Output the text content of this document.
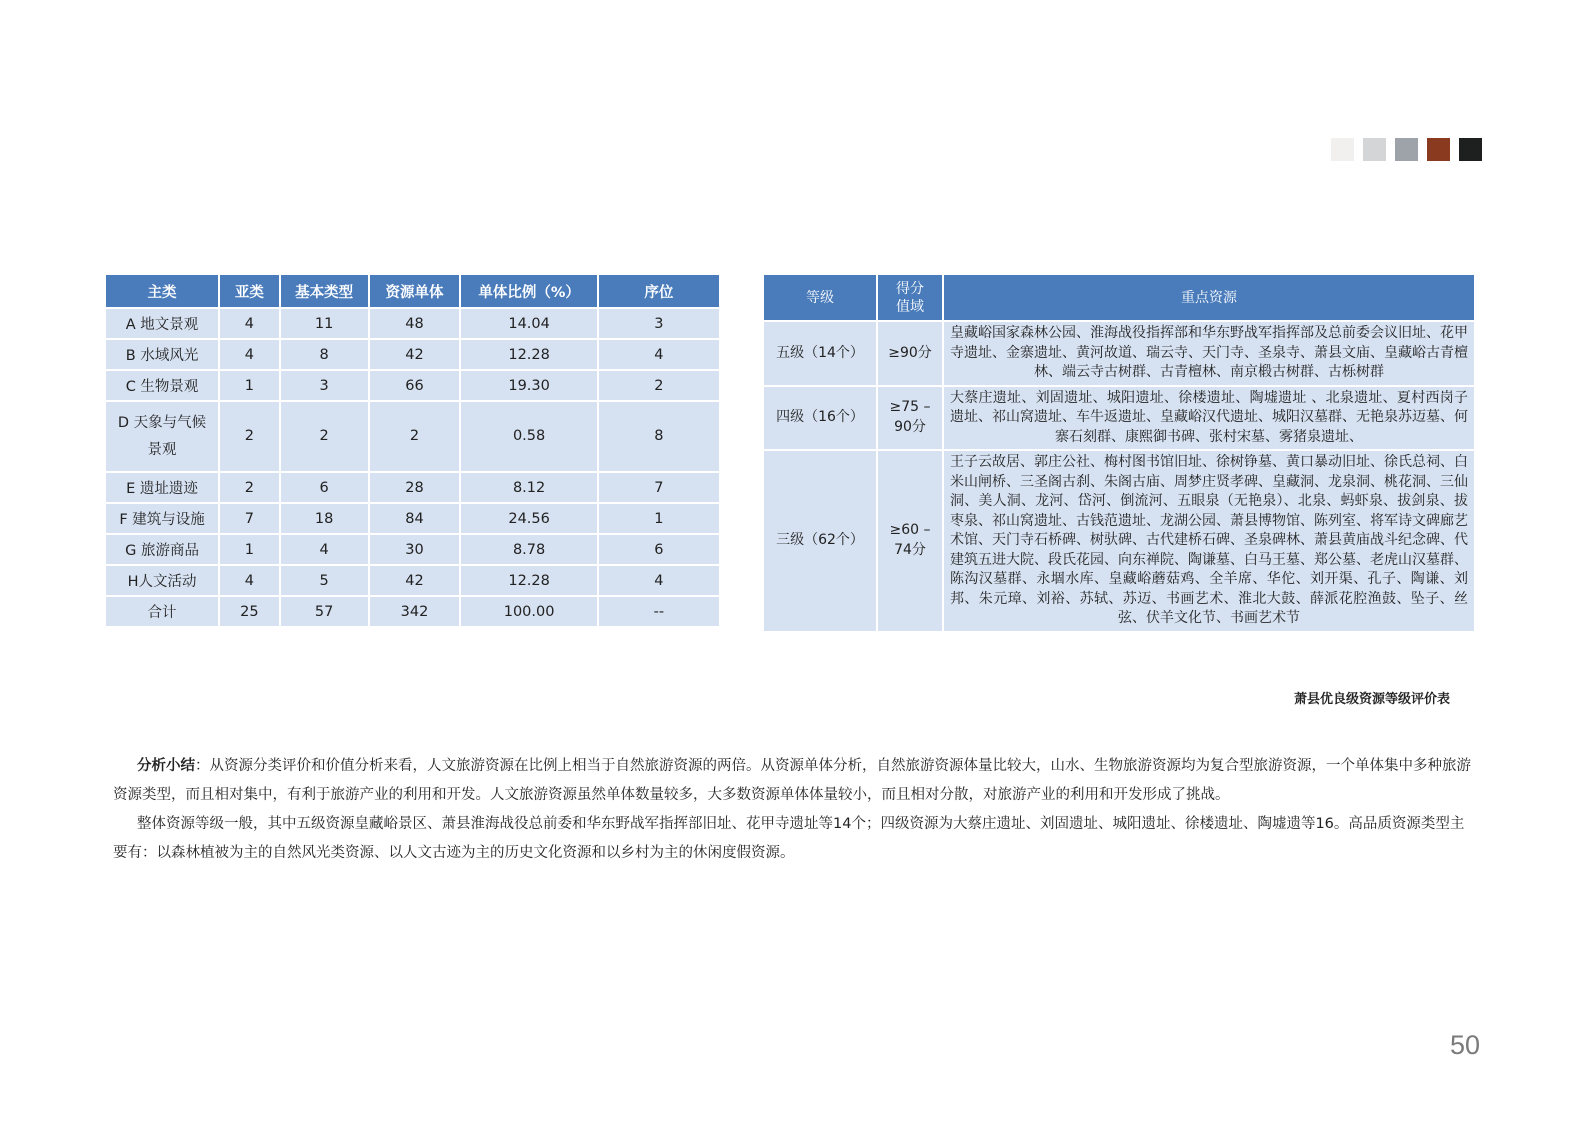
主类	亚类	基本类型	资源单体	单体比例（%）	序位
A 地文景观	4	11	48	14.04	3
B 水域风光	4	8	42	12.28	4
C 生物景观	1	3	66	19.30	2
D 天象与气候景观	2	2	2	0.58	8
E 遗址遗迹	2	6	28	8.12	7
F 建筑与设施	7	18	84	24.56	1
G 旅游商品	1	4	30	8.78	6
H人文活动	4	5	42	12.28	4
合计	25	57	342	100.00	--
等级	得分值域	重点资源
五级（14个）	≥90分	皇藏峪国家森林公园、淮海战役指挥部和华东野战军指挥部及总前委会议旧址、花甲寺遗址、金寨遗址、黄河故道、瑞云寺、天门寺、圣泉寺、萧县文庙、皇藏峪古青檀林、端云寺古树群、古青檀林、南京椴古树群、古栎树群
四级（16个）	≥75 – 90分	大蔡庄遗址、刘固遗址、城阳遗址、徐楼遗址、陶墟遗址 、北泉遗址、夏村西岗子遗址、祁山窝遗址、车牛返遗址、皇藏峪汉代遗址、城阳汉墓群、无艳泉苏迈墓、何寨石刻群、康熙御书碑、张村宋墓、雾猪泉遗址、
三级（62个）	≥60 – 74分	王子云故居、郭庄公社、梅村图书馆旧址、徐树铮墓、黄口暴动旧址、徐氏总祠、白米山闸桥、三圣阁古刹、朱阁古庙、周梦庄贤孝碑、皇藏洞、龙泉洞、桃花洞、三仙洞、美人洞、龙河、岱河、倒流河、五眼泉（无艳泉）、北泉、蚂虾泉、拔剑泉、拔枣泉、祁山窝遗址、古钱范遗址、龙湖公园、萧县博物馆、陈列室、将军诗文碑廊艺术馆、天门寺石桥碑、树驮碑、古代建桥石碑、圣泉碑林、萧县黄庙战斗纪念碑、代建筑五进大院、段氏花园、向东禅院、陶谦墓、白马王墓、郑公墓、老虎山汉墓群、陈沟汉墓群、永堌水库、皇藏峪蘑菇鸡、全羊席、华佗、刘开渠、孔子、陶谦、刘邦、朱元璋、刘裕、苏轼、苏迈、书画艺术、淮北大鼓、薛派花腔渔鼓、坠子、丝弦、伏羊文化节、书画艺术节
萧县优良级资源等级评价表

分析小结：从资源分类评价和价值分析来看，人文旅游资源在比例上相当于自然旅游资源的两倍。从资源单体分析，自然旅游资源体量比较大，山水、生物旅游资源均为复合型旅游资源，一个单体集中多种旅游资源类型，而且相对集中，有利于旅游产业的利用和开发。人文旅游资源虽然单体数量较多，大多数资源单体体量较小，而且相对分散，对旅游产业的利用和开发形成了挑战。

整体资源等级一般，其中五级资源皇藏峪景区、萧县淮海战役总前委和华东野战军指挥部旧址、花甲寺遗址等14个；四级资源为大蔡庄遗址、刘固遗址、城阳遗址、徐楼遗址、陶墟遗等16。高品质资源类型主要有：以森林植被为主的自然风光类资源、以人文古迹为主的历史文化资源和以乡村为主的休闲度假资源。

50
